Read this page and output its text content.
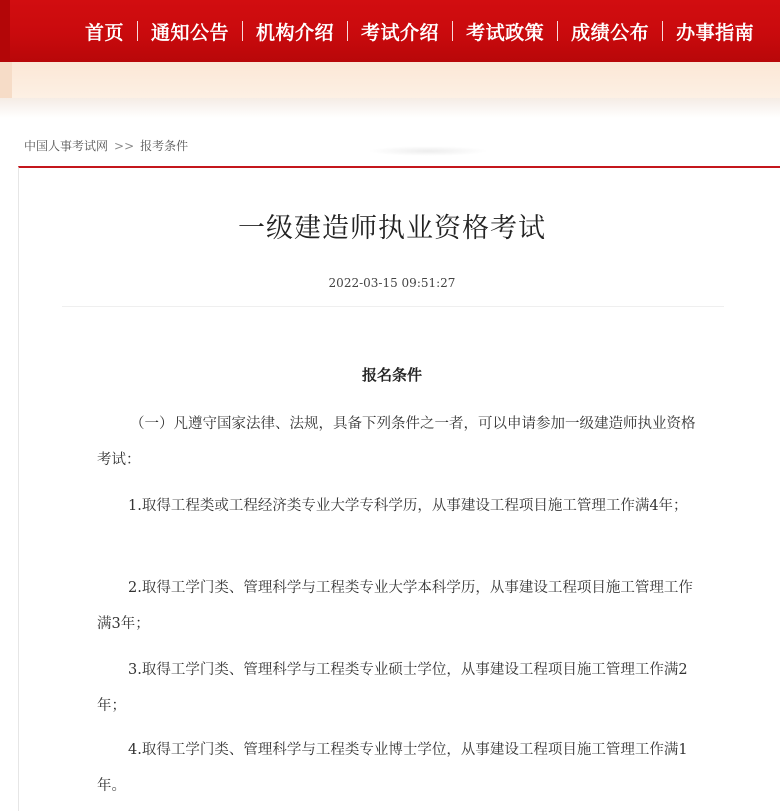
首页	通知公告	机构介绍	考试介绍	考试政策	成绩公布	办事指南
中国人事考试网 >> 报考条件
一级建造师执业资格考试
2022-03-15 09:51:27
报名条件

（一）凡遵守国家法律、法规，具备下列条件之一者，可以申请参加一级建造师执业资格考试：

1.取得工程类或工程经济类专业大学专科学历，从事建设工程项目施工管理工作满4年；

2.取得工学门类、管理科学与工程类专业大学本科学历，从事建设工程项目施工管理工作满3年；

3.取得工学门类、管理科学与工程类专业硕士学位，从事建设工程项目施工管理工作满2年；

4.取得工学门类、管理科学与工程类专业博士学位，从事建设工程项目施工管理工作满1年。
